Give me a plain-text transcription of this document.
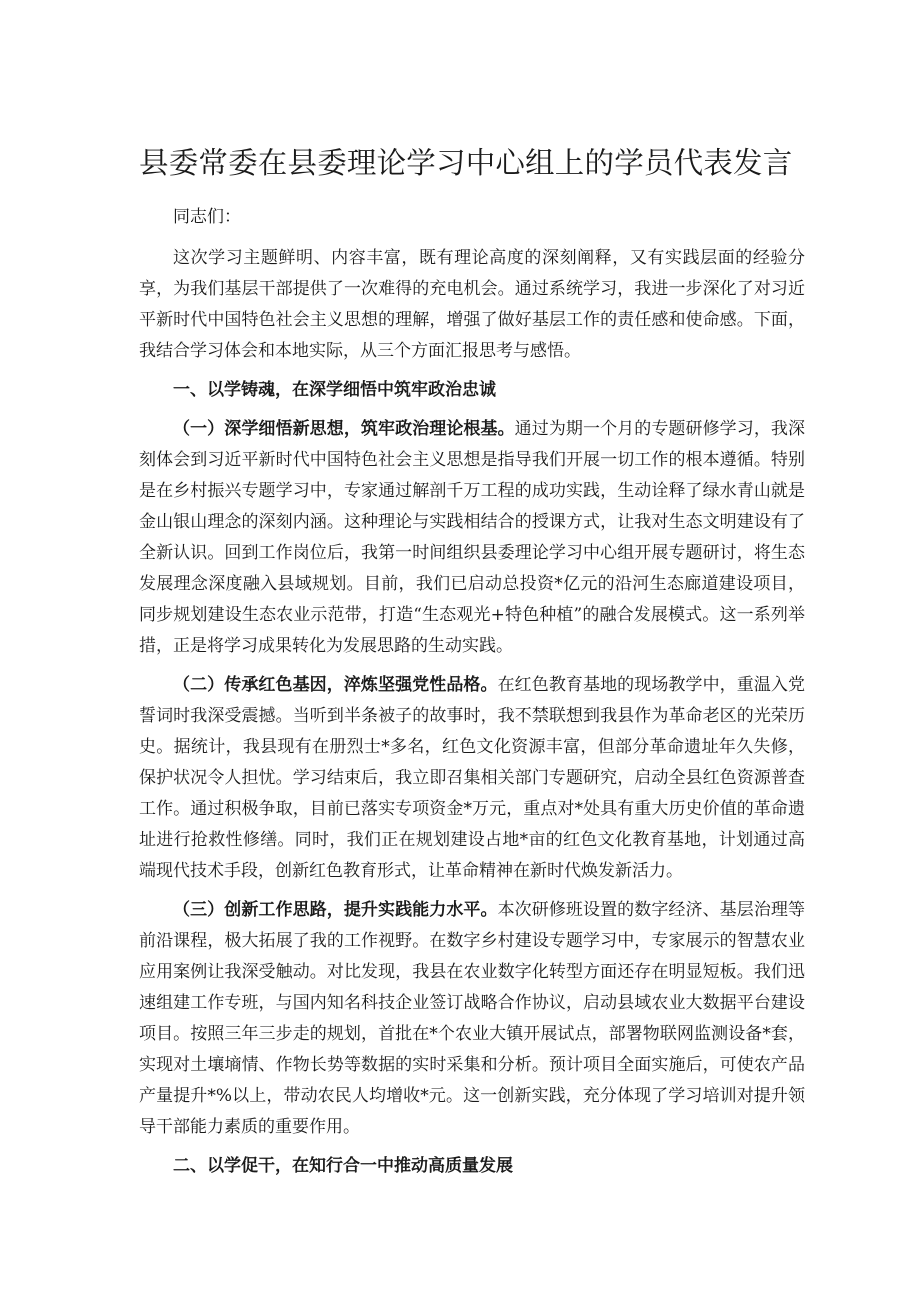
县委常委在县委理论学习中心组上的学员代表发言

同志们：

这次学习主题鲜明、内容丰富，既有理论高度的深刻阐释，又有实践层面的经验分享，为我们基层干部提供了一次难得的充电机会。通过系统学习，我进一步深化了对习近平新时代中国特色社会主义思想的理解，增强了做好基层工作的责任感和使命感。下面，我结合学习体会和本地实际，从三个方面汇报思考与感悟。

一、以学铸魂，在深学细悟中筑牢政治忠诚

（一）深学细悟新思想，筑牢政治理论根基。通过为期一个月的专题研修学习，我深刻体会到习近平新时代中国特色社会主义思想是指导我们开展一切工作的根本遵循。特别是在乡村振兴专题学习中，专家通过解剖千万工程的成功实践，生动诠释了绿水青山就是金山银山理念的深刻内涵。这种理论与实践相结合的授课方式，让我对生态文明建设有了全新认识。回到工作岗位后，我第一时间组织县委理论学习中心组开展专题研讨，将生态发展理念深度融入县域规划。目前，我们已启动总投资*亿元的沿河生态廊道建设项目，同步规划建设生态农业示范带，打造“生态观光+特色种植”的融合发展模式。这一系列举措，正是将学习成果转化为发展思路的生动实践。

（二）传承红色基因，淬炼坚强党性品格。在红色教育基地的现场教学中，重温入党誓词时我深受震撼。当听到半条被子的故事时，我不禁联想到我县作为革命老区的光荣历史。据统计，我县现有在册烈士*多名，红色文化资源丰富，但部分革命遗址年久失修，保护状况令人担忧。学习结束后，我立即召集相关部门专题研究，启动全县红色资源普查工作。通过积极争取，目前已落实专项资金*万元，重点对*处具有重大历史价值的革命遗址进行抢救性修缮。同时，我们正在规划建设占地*亩的红色文化教育基地，计划通过高端现代技术手段，创新红色教育形式，让革命精神在新时代焕发新活力。

（三）创新工作思路，提升实践能力水平。本次研修班设置的数字经济、基层治理等前沿课程，极大拓展了我的工作视野。在数字乡村建设专题学习中，专家展示的智慧农业应用案例让我深受触动。对比发现，我县在农业数字化转型方面还存在明显短板。我们迅速组建工作专班，与国内知名科技企业签订战略合作协议，启动县域农业大数据平台建设项目。按照三年三步走的规划，首批在*个农业大镇开展试点，部署物联网监测设备*套，实现对土壤墒情、作物长势等数据的实时采集和分析。预计项目全面实施后，可使农产品产量提升*%以上，带动农民人均增收*元。这一创新实践，充分体现了学习培训对提升领导干部能力素质的重要作用。

二、以学促干，在知行合一中推动高质量发展
